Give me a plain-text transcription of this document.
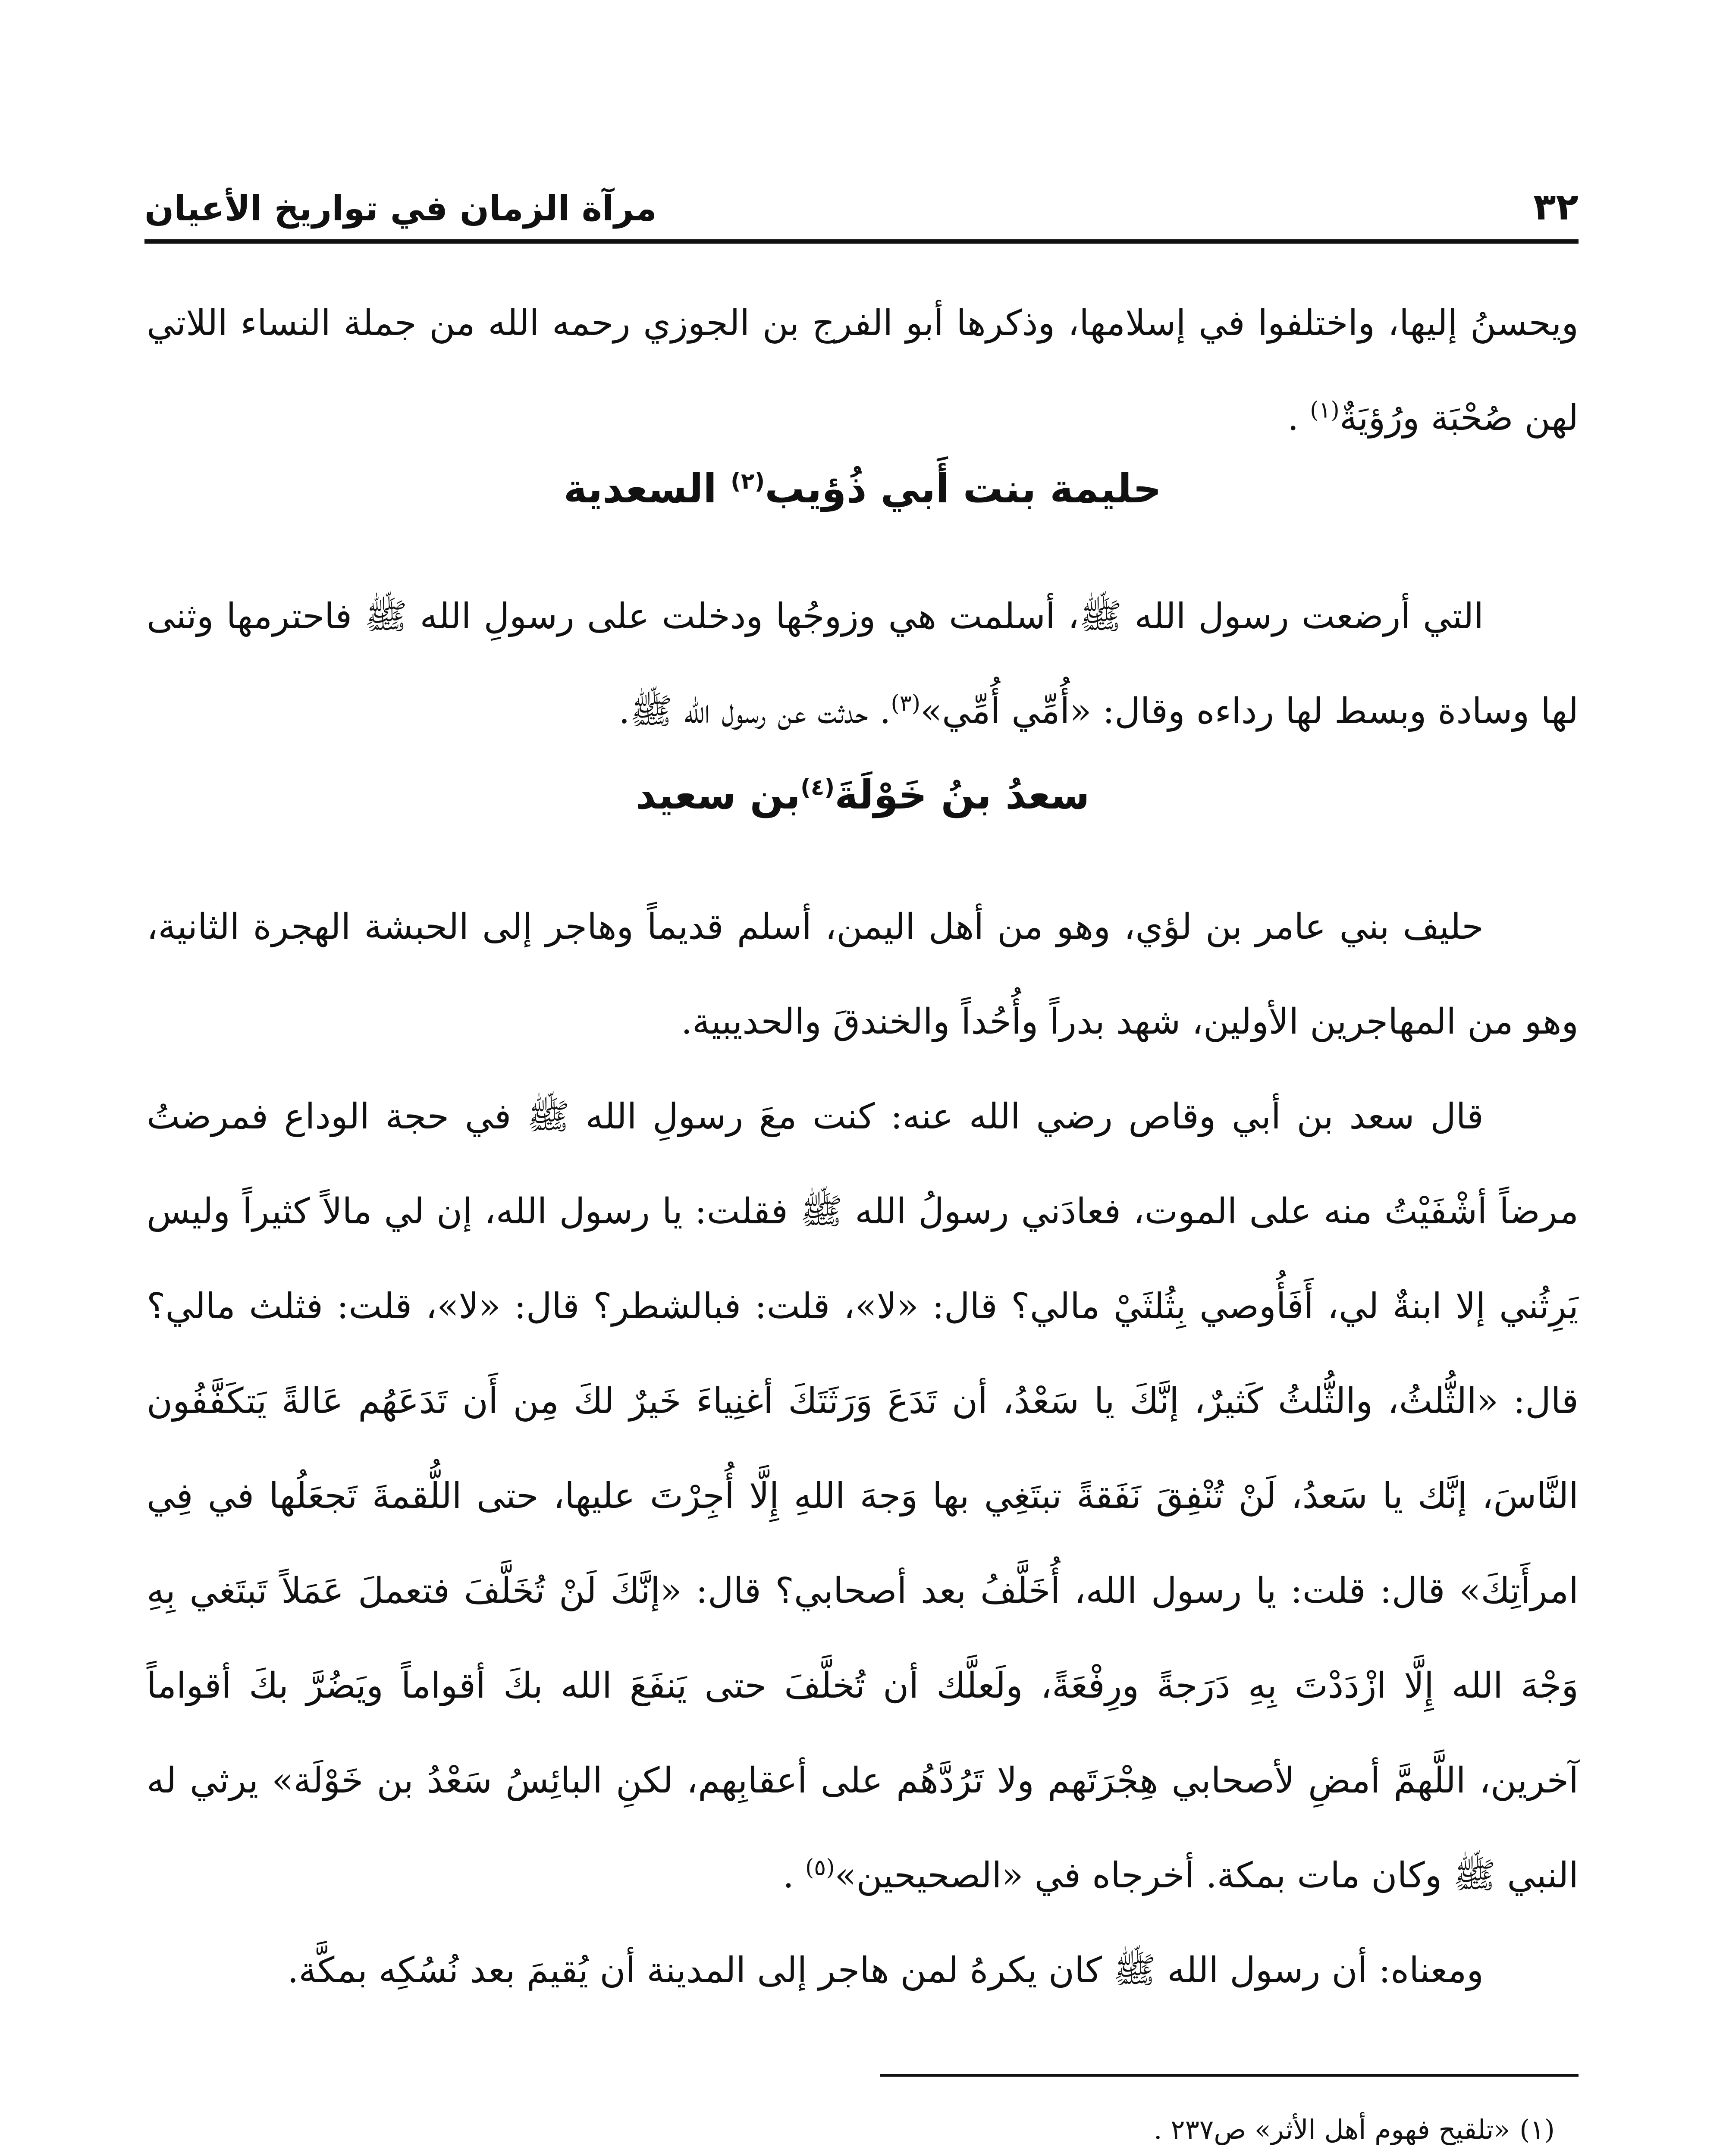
٣٢
مرآة الزمان في تواريخ الأعيان
ويحسنُ إليها، واختلفوا في إسلامها، وذكرها أبو الفرج بن الجوزي رحمه الله من جملة النساء اللاتي لهن صُحْبَة ورُؤيَةٌ$^{(١)}$ .
حليمة بنت أَبي ذُؤيب$^{(٢)}$ السعدية
التي أرضعت رسول الله ﷺ، أسلمت هي وزوجُها ودخلت على رسولِ الله ﷺ فاحترمها وثنى لها وسادة وبسط لها رداءه وقال: «أُمِّي أُمِّي»$^{(٣)}$. حدثت عن رسول الله ﷺ.
سعدُ بنُ خَوْلَةَ$^{(٤)}$بن سعيد
حليف بني عامر بن لؤي، وهو من أهل اليمن، أسلم قديماً وهاجر إلى الحبشة الهجرة الثانية، وهو من المهاجرين الأولين، شهد بدراً وأُحُداً والخندقَ والحديبية.
قال سعد بن أبي وقاص رضي الله عنه: كنت معَ رسولِ الله ﷺ في حجة الوداع فمرضتُ مرضاً أشْفَيْتُ منه على الموت، فعادَني رسولُ الله ﷺ فقلت: يا رسول الله، إن لي مالاً كثيراً وليس يَرِثُني إلا ابنةٌ لي، أَفَأُوصي بِثُلثَيْ مالي؟ قال: «لا»، قلت: فبالشطر؟ قال: «لا»، قلت: فثلث مالي؟ قال: «الثُّلثُ، والثُّلثُ كَثيرٌ، إنَّكَ يا سَعْدُ، أن تَدَعَ وَرَثَتَكَ أغنِياءَ خَيرٌ لكَ مِن أَن تَدَعَهُم عَالةً يَتكَفَّفُون النَّاسَ، إنَّك يا سَعدُ، لَنْ تُنْفِقَ نَفَقةً تبتَغِي بها وَجهَ اللهِ إِلَّا أُجِرْتَ عليها، حتى اللُّقمةَ تَجعَلُها في فِي امرأَتِكَ» قال: قلت: يا رسول الله، أُخَلَّفُ بعد أصحابي؟ قال: «إنَّكَ لَنْ تُخَلَّفَ فتعملَ عَمَلاً تَبتَغي بِهِ وَجْهَ الله إِلَّا ازْدَدْتَ بِهِ دَرَجةً ورِفْعَةً، ولَعلَّك أن تُخلَّفَ حتى يَنفَعَ الله بكَ أقواماً ويَضُرَّ بكَ أقواماً آخرين، اللَّهمَّ أمضِ لأصحابي هِجْرَتَهم ولا تَرُدَّهُم على أعقابِهم، لكنِ البائِسُ سَعْدُ بن خَوْلَة» يرثي له النبي ﷺ وكان مات بمكة. أخرجاه في «الصحيحين»$^{(٥)}$ .
ومعناه: أن رسول الله ﷺ كان يكرهُ لمن هاجر إلى المدينة أن يُقيمَ بعد نُسُكِه بمكَّة.
(١)«تلقيح فهوم أهل الأثر» ص٢٣٧ .
